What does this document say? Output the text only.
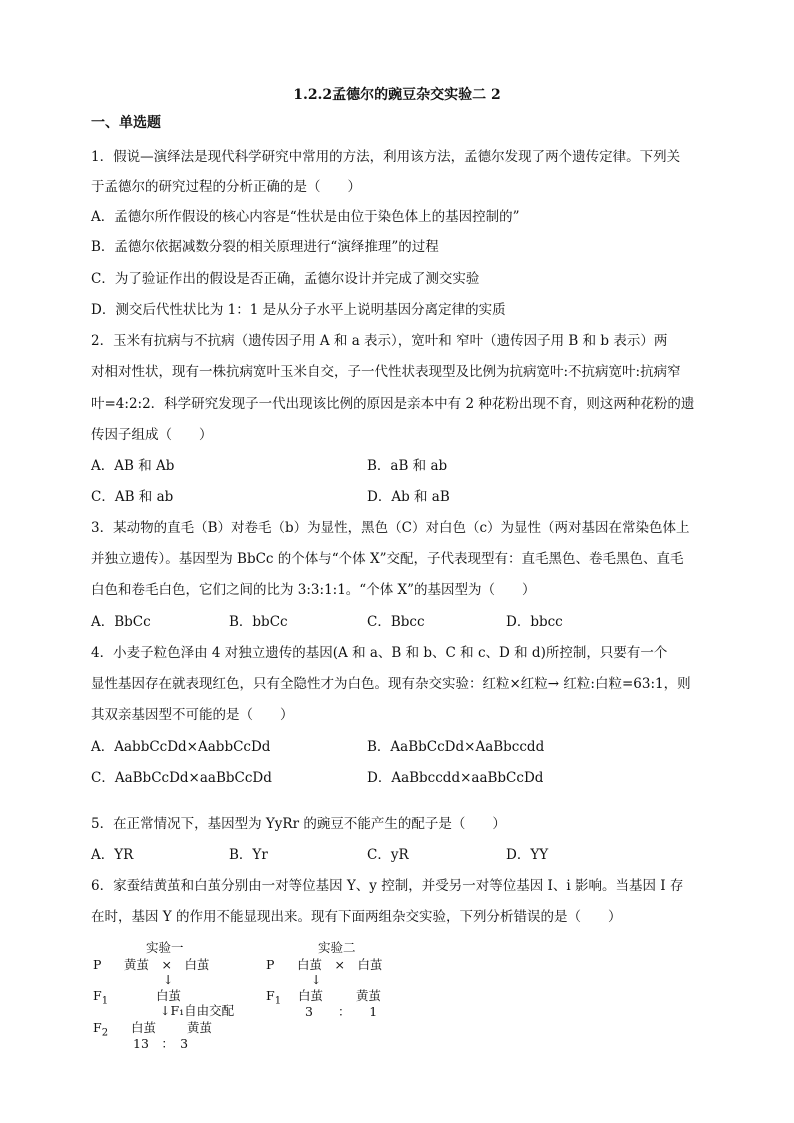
1.2.2孟德尔的豌豆杂交实验二 2
一、单选题
1．假说—演绎法是现代科学研究中常用的方法，利用该方法，孟德尔发现了两个遗传定律。下列关
于孟德尔的研究过程的分析正确的是（　　）
A．孟德尔所作假设的核心内容是“性状是由位于染色体上的基因控制的”
B．孟德尔依据减数分裂的相关原理进行“演绎推理”的过程
C．为了验证作出的假设是否正确，孟德尔设计并完成了测交实验
D．测交后代性状比为 1：1 是从分子水平上说明基因分离定律的实质
2．玉米有抗病与不抗病（遗传因子用 A 和 a 表示），宽叶和 窄叶（遗传因子用 B 和 b 表示）两
对相对性状，现有一株抗病宽叶玉米自交，子一代性状表现型及比例为抗病宽叶:不抗病宽叶:抗病窄
叶=4:2:2．科学研究发现子一代出现该比例的原因是亲本中有 2 种花粉出现不育，则这两种花粉的遗
传因子组成（　　）
A．AB 和 Ab	B．aB 和 ab
C．AB 和 ab	D．Ab 和 aB
3．某动物的直毛（B）对卷毛（b）为显性，黑色（C）对白色（c）为显性（两对基因在常染色体上
并独立遗传）。基因型为 BbCc 的个体与“个体 X”交配，子代表现型有：直毛黑色、卷毛黑色、直毛
白色和卷毛白色，它们之间的比为 3:3:1:1。“个体 X”的基因型为（　　）
A．BbCc	B．bbCc	C．Bbcc	D．bbcc
4．小麦子粒色泽由 4 对独立遗传的基因(A 和 a、B 和 b、C 和 c、D 和 d)所控制，只要有一个
显性基因存在就表现红色，只有全隐性才为白色。现有杂交实验：红粒×红粒→ 红粒:白粒=63:1，则
其双亲基因型不可能的是（　　）
A．AabbCcDd×AabbCcDd	B．AaBbCcDd×AaBbccdd
C．AaBbCcDd×aaBbCcDd	D．AaBbccdd×aaBbCcDd
5．在正常情况下，基因型为 YyRr 的豌豆不能产生的配子是（　　）
A．YR	B．Yr	C．yR	D．YY
6．家蚕结黄茧和白茧分别由一对等位基因 Y、y 控制，并受另一对等位基因 I、i 影响。当基因 I 存
在时，基因 Y 的作用不能显现出来。现有下面两组杂交实验，下列分析错误的是（　　）
实验一
P 黄茧　×　白茧
↓
$F_1$	白茧
↓F₁自由交配
$F_2$ 白茧 黄茧
13　：　3
实验二
P 白茧　×　白茧
↓
$F_1$ 白茧	黄茧
3　　：　　1
